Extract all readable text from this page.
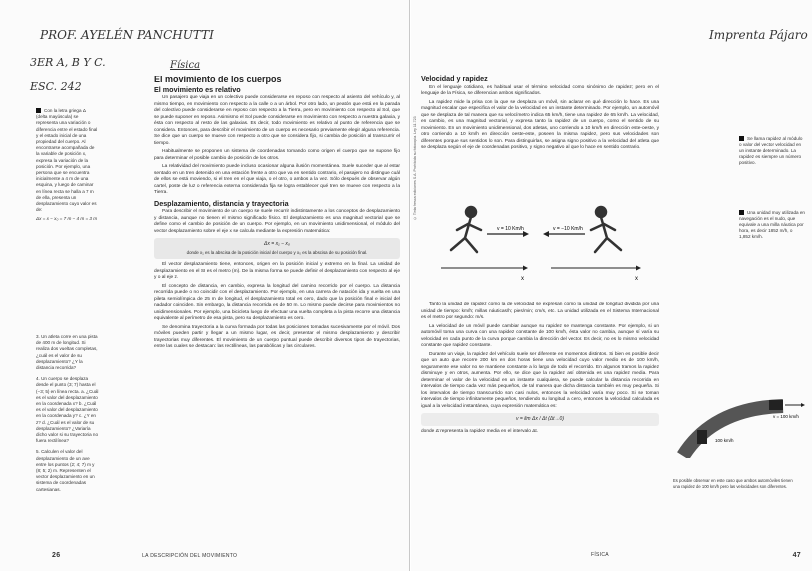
PROF. AYELÉN PANCHUTTI
3ER A, B Y C.
ESC. 242
Física
Con la letra griega Δ (delta mayúscula) se representa una variación o diferencia entre el estado final y el estado inicial de una propiedad del cuerpo. Al encontrarse acompañada de la variable de posición x, expresa la variación de la posición. Por ejemplo, una persona que se encuentra inicialmente a 4 m de una esquina, y luego de caminar en línea recta se halla a 7 m de ella, presenta un desplazamiento cuyo valor es de:
Δx = x − x₀ = 7 m − 4 m = 3 m
3. Un atleta corre en una pista de 400 m de longitud. Si realiza dos vueltas completas, ¿cuál es el valor de su desplazamiento? ¿Y la distancia recorrida?
4. Un cuerpo se desplaza desde el punto (3; 7) hasta el (−3; 5) en línea recta. a. ¿Cuál es el valor del desplazamiento en la coordenada x? b. ¿Cuál es el valor del desplazamiento en la coordenada y? c. ¿Y en z? d. ¿Cuál es el valor de su desplazamiento? ¿Variaría dicho valor si su trayectoria no fuera rectilínea?
5. Calculen el valor del desplazamiento de un ave entre los puntos (2; 4; 7) m y (8; 5; 2) m. Representen el vector desplazamiento en un sistema de coordenadas cartesianas.
El movimiento de los cuerpos
El movimiento es relativo

Un pasajero que viaja en un colectivo puede considerarse en reposo con respecto al asiento del vehículo y, al mismo tiempo, en movimiento con respecto a la calle o a un árbol. Por otro lado, un peatón que está en la parada del colectivo puede considerarse en reposo con respecto a la Tierra, pero en movimiento con respecto al Sol, que se puede suponer en reposo. Asimismo el Sol puede considerarse en movimiento con respecto a nuestra galaxia, y ésta con respecto al resto de las galaxias. Es decir, todo movimiento es relativo al punto de referencia que se considera. Entonces, para describir el movimiento de un cuerpo es necesario previamente elegir alguna referencia. Se dice que un cuerpo se mueve con respecto a otro que se considera fijo, si cambia de posición al transcurrir el tiempo.

Habitualmente se proponen un sistema de coordenadas tomando como origen el cuerpo que se supone fijo para determinar el posible cambio de posición de los otros.

La relatividad del movimiento puede incluso ocasionar alguna ilusión momentánea. Suele suceder que al estar sentado en un tren detenido en una estación frente a otro que va en sentido contrario, el pasajero no distingue cuál de ellos se está moviendo, si el tren en el que viaja, o el otro, o ambos a la vez. Sólo después de observar algún cartel, poste de luz o referencia externa considerada fija se logra establecer qué tren se mueve con respecto a la Tierra.

Desplazamiento, distancia y trayectoria

Para describir el movimiento de un cuerpo se suele recurrir indistintamente a los conceptos de desplazamiento y distancia, aunque no tienen el mismo significado físico. El desplazamiento es una magnitud vectorial que se define como el cambio de posición de un cuerpo. Por ejemplo, en un movimiento unidimensional, el módulo del vector desplazamiento sobre el eje x se calcula mediante la expresión matemática:

Δx = x₁ − x₀
donde x₁ es la abscisa de la posición inicial del cuerpo y x₀ es la abscisa de su posición final.

El vector desplazamiento tiene, entonces, origen en la posición inicial y extremo en la final. La unidad de desplazamiento en el SI es el metro (m). De la misma forma se puede definir el desplazamiento con respecto al eje y o al eje z.

El concepto de distancia, en cambio, expresa la longitud del camino recorrido por el cuerpo. La distancia recorrida puede o no coincidir con el desplazamiento. Por ejemplo, en una carrera de natación ida y vuelta en una pileta semiolímpica de 25 m de longitud, el desplazamiento total es cero, dado que la posición final e inicial del nadador coinciden. Sin embargo, la distancia recorrida es de 50 m. Lo mismo puede decirse para movimientos no unidimensionales. Por ejemplo, una bicicleta luego de efectuar una vuelta completa a la pista recorre una distancia equivalente al perímetro de esa pista, pero su desplazamiento es cero.

Se denomina trayectoria a la curva formada por todas las posiciones tomadas sucesivamente por el móvil. Dos móviles pueden partir y llegar a un mismo lugar, es decir, presentar el mismo desplazamiento y describir trayectorias muy diferentes. El movimiento de un cuerpo puntual puede describir diversos tipos de trayectorias, entre las cuales se destacan: las rectilíneas, las parabólicas y las circulares.

26	LA DESCRIPCIÓN DEL MOVIMIENTO
Imprenta Pájaro
© Tinta fresca ediciones S.A. Prohibida su fotocopia. Ley 11.723
Velocidad y rapidez

En el lenguaje cotidiano, es habitual usar el término velocidad como sinónimo de rapidez; pero en el lenguaje de la Física, se diferencian ambos significados.

La rapidez mide la prisa con la que se desplaza un móvil, sin aclarar en qué dirección lo hace. Es una magnitud escalar que especifica el valor de la velocidad en un instante determinado. Por ejemplo, un automóvil que se desplaza de tal manera que su velocímetro indica 65 km/h, tiene una rapidez de 65 km/h. La velocidad, en cambio, es una magnitud vectorial, y expresa tanto la rapidez de un cuerpo, como el sentido de su movimiento. En un movimiento unidimensional, dos atletas, uno corriendo a 10 km/h en dirección este-oeste, y otro corriendo a 10 km/h en dirección oeste-este, poseen la misma rapidez, pero sus velocidades son diferentes porque sus sentidos lo son. Para distinguirlas, se asigna signo positivo a la velocidad del atleta que se desplaza según el eje de coordenadas positivo, y signo negativo al que lo hace en sentido contrario.

v = 10 Km/h	v = −10 Km/h
x	x

Tanto la unidad de rapidez como la de velocidad se expresan como la unidad de longitud dividida por una unidad de tiempo: km/h; millas náuticas/h; pies/min; cm/s, etc. La unidad utilizada en el Sistema Internacional es el metro por segundo: m/s.

La velocidad de un móvil puede cambiar aunque su rapidez se mantenga constante. Por ejemplo, si un automóvil toma una curva con una rapidez constante de 100 km/h, ésta valor no cambia, aunque sí varía su velocidad en cada punto de la curva porque cambia la dirección del vector. Es decir, no es lo mismo velocidad constante que rapidez constante.

Durante un viaje, la rapidez del vehículo suele ser diferente en momentos distintos. Si bien es posible decir que un auto que recorre 200 km en dos horas tiene una velocidad cuyo valor medio es de 100 km/h, seguramente ese valor no se mantiene constante a lo largo de todo el recorrido. En algunos tramos la rapidez disminuye y en otros, aumenta. Por ello, se dice que la rapidez así obtenida es una rapidez media. Para determinar el valor de la velocidad en un instante cualquiera, se puede calcular la distancia recorrida en intervalos de tiempo cada vez más pequeños, de tal manera que dicha distancia también es muy pequeña. Si los intervalos de tiempo transcurrido son casi nulos, entonces la velocidad varía muy poco. Si se toman intervalos de tiempo infinitamente pequeños, tendiendo su longitud a cero, entonces la velocidad calculada es igual a la velocidad instantánea, cuya expresión matemática es:

v = lim Δx / Δt (Δt→0)

donde Δ̄ representa la rapidez media en el intervalo Δt.

Se llama rapidez al módulo o valor del vector velocidad en un instante determinado. La rapidez es siempre un número positivo.
Una unidad muy utilizada en navegación es el nudo, que equivale a una milla náutica por hora, es decir 1852 m/h, o 1,852 km/h.
v = 100 km/h
100 km/h
Es posible observar en este caso que ambos automóviles tienen una rapidez de 100 km/h pero las velocidades son diferentes.
FÍSICA	47
